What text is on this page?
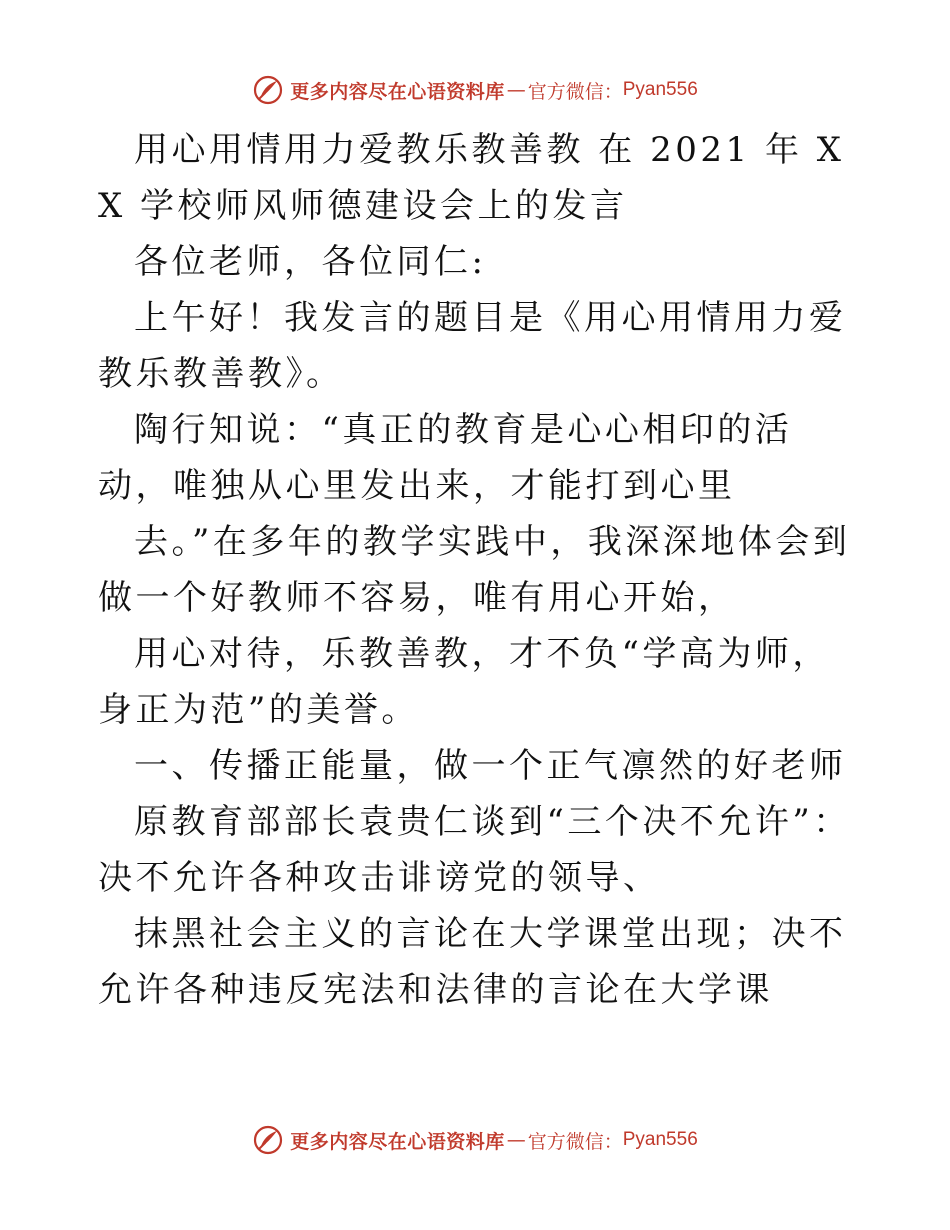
更多内容尽在心语资料库 — 官方微信： Pyan556

用心用情用力爱教乐教善教 在 2021 年 XX 学校师风师德建设会上的发言

各位老师，各位同仁:

上午好！我发言的题目是《用心用情用力爱教乐教善教》。

陶行知说：“真正的教育是心心相印的活动，唯独从心里发出来，才能打到心里

去。”在多年的教学实践中，我深深地体会到做一个好教师不容易，唯有用心开始，

用心对待，乐教善教，才不负“学高为师，身正为范”的美誉。

一、传播正能量，做一个正气凛然的好老师

原教育部部长袁贵仁谈到“三个决不允许”：决不允许各种攻击诽谤党的领导、

抹黑社会主义的言论在大学课堂出现；决不允许各种违反宪法和法律的言论在大学课

更多内容尽在心语资料库 — 官方微信： Pyan556
